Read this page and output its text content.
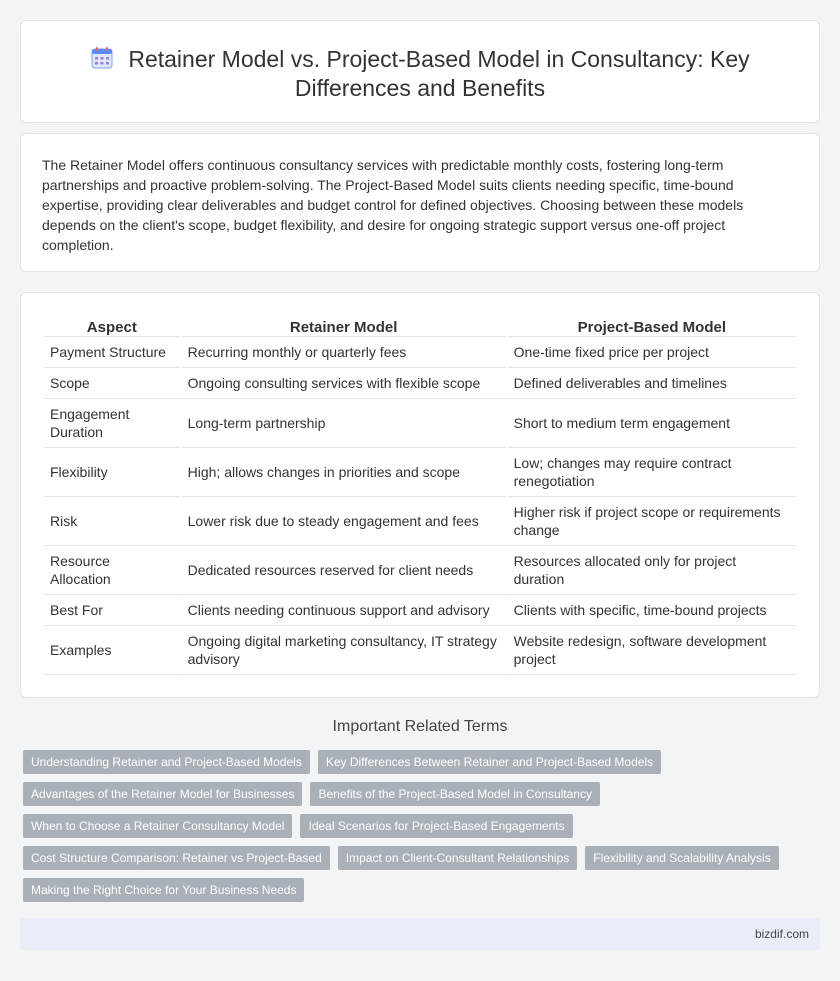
Retainer Model vs. Project-Based Model in Consultancy: Key Differences and Benefits

The Retainer Model offers continuous consultancy services with predictable monthly costs, fostering long-term partnerships and proactive problem-solving. The Project-Based Model suits clients needing specific, time-bound expertise, providing clear deliverables and budget control for defined objectives. Choosing between these models depends on the client's scope, budget flexibility, and desire for ongoing strategic support versus one-off project completion.

Aspect	Retainer Model	Project-Based Model
Payment Structure	Recurring monthly or quarterly fees	One-time fixed price per project
Scope	Ongoing consulting services with flexible scope	Defined deliverables and timelines
Engagement Duration	Long-term partnership	Short to medium term engagement
Flexibility	High; allows changes in priorities and scope	Low; changes may require contract renegotiation
Risk	Lower risk due to steady engagement and fees	Higher risk if project scope or requirements change
Resource Allocation	Dedicated resources reserved for client needs	Resources allocated only for project duration
Best For	Clients needing continuous support and advisory	Clients with specific, time-bound projects
Examples	Ongoing digital marketing consultancy, IT strategy advisory	Website redesign, software development project
Important Related Terms
Understanding Retainer and Project-Based Models	Key Differences Between Retainer and Project-Based Models
Advantages of the Retainer Model for Businesses	Benefits of the Project-Based Model in Consultancy
When to Choose a Retainer Consultancy Model	Ideal Scenarios for Project-Based Engagements
Cost Structure Comparison: Retainer vs Project-Based	Impact on Client-Consultant Relationships	Flexibility and Scalability Analysis
Making the Right Choice for Your Business Needs
bizdif.com
